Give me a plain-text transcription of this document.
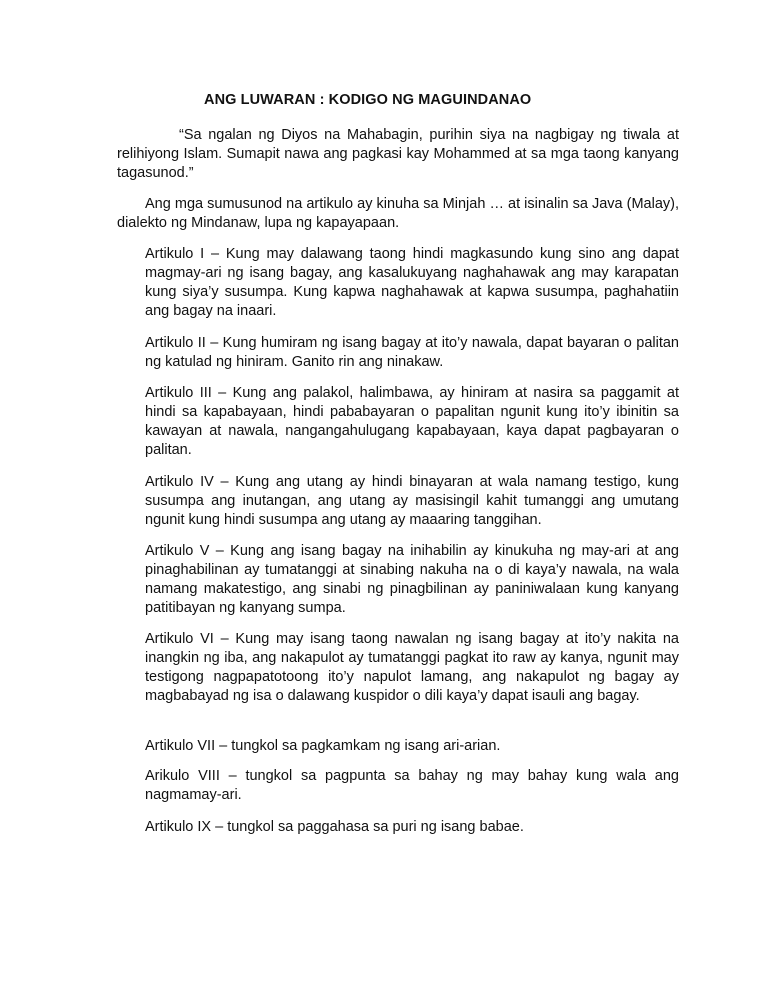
ANG LUWARAN : KODIGO NG MAGUINDANAO

“Sa ngalan ng Diyos na Mahabagin, purihin siya na nagbigay ng tiwala at relihiyong Islam. Sumapit nawa ang pagkasi kay Mohammed at sa mga taong kanyang tagasunod.”

Ang mga sumusunod na artikulo ay kinuha sa Minjah … at isinalin sa Java (Malay), dialekto ng Mindanaw, lupa ng kapayapaan.

Artikulo I – Kung may dalawang taong hindi magkasundo kung sino ang dapat magmay-ari ng isang bagay, ang kasalukuyang naghahawak ang may karapatan kung siya’y susumpa. Kung kapwa naghahawak at kapwa susumpa, paghahatiin ang bagay na inaari.

Artikulo II – Kung humiram ng isang bagay at ito’y nawala, dapat bayaran o palitan ng katulad ng hiniram. Ganito rin ang ninakaw.

Artikulo III – Kung ang palakol, halimbawa, ay hiniram at nasira sa paggamit at hindi sa kapabayaan, hindi pababayaran o papalitan ngunit kung ito’y ibinitin sa kawayan at nawala, nangangahulugang kapabayaan, kaya dapat pagbayaran o palitan.

Artikulo IV – Kung ang utang ay hindi binayaran at wala namang testigo, kung susumpa ang inutangan, ang utang ay masisingil kahit tumanggi ang umutang ngunit kung hindi susumpa ang utang ay maaaring tanggihan.

Artikulo V – Kung ang isang bagay na inihabilin ay kinukuha ng may-ari at ang pinaghabilinan ay tumatanggi at sinabing nakuha na o di kaya’y nawala, na wala namang makatestigo, ang sinabi ng pinagbilinan ay paniniwalaan kung kanyang patitibayan ng kanyang sumpa.

Artikulo VI – Kung may isang taong nawalan ng isang bagay at ito’y nakita na inangkin ng iba, ang nakapulot ay tumatanggi pagkat ito raw ay kanya, ngunit may testigong nagpapatotoong ito’y napulot lamang, ang nakapulot ng bagay ay magbabayad ng isa o dalawang kuspidor o dili kaya’y dapat isauli ang bagay.

Artikulo VII – tungkol sa pagkamkam ng isang ari-arian.

Arikulo VIII – tungkol sa pagpunta sa bahay ng may bahay kung wala ang nagmamay-ari.

Artikulo IX – tungkol sa paggahasa sa puri ng isang babae.
